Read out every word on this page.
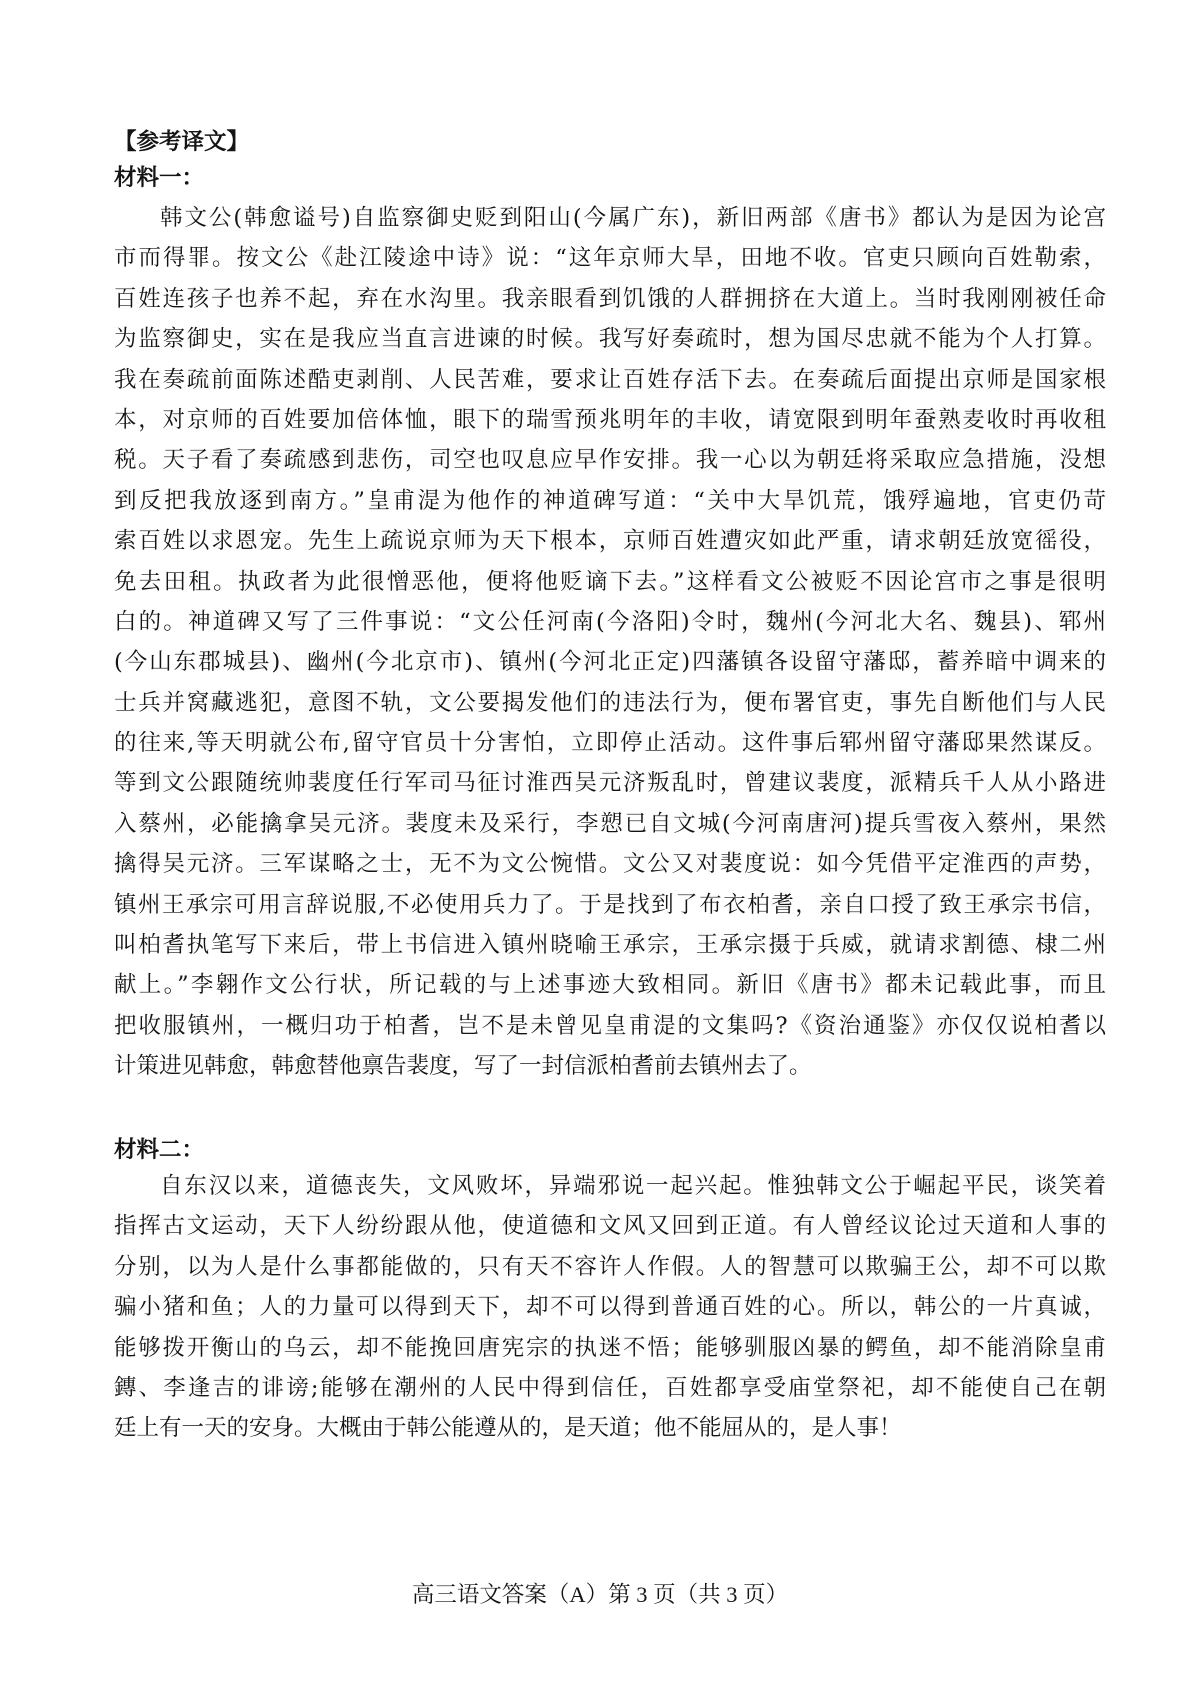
【参考译文】
材料一：
韩文公(韩愈谥号)自监察御史贬到阳山(今属广东)，新旧两部《唐书》都认为是因为论宫
市而得罪。按文公《赴江陵途中诗》说：“这年京师大旱，田地不收。官吏只顾向百姓勒索，
百姓连孩子也养不起，弃在水沟里。我亲眼看到饥饿的人群拥挤在大道上。当时我刚刚被任命
为监察御史，实在是我应当直言进谏的时候。我写好奏疏时，想为国尽忠就不能为个人打算。
我在奏疏前面陈述酷吏剥削、人民苦难，要求让百姓存活下去。在奏疏后面提出京师是国家根
本，对京师的百姓要加倍体恤，眼下的瑞雪预兆明年的丰收，请宽限到明年蚕熟麦收时再收租
税。天子看了奏疏感到悲伤，司空也叹息应早作安排。我一心以为朝廷将采取应急措施，没想
到反把我放逐到南方。”皇甫湜为他作的神道碑写道：“关中大旱饥荒，饿殍遍地，官吏仍苛
索百姓以求恩宠。先生上疏说京师为天下根本，京师百姓遭灾如此严重，请求朝廷放宽徭役，
免去田租。执政者为此很憎恶他，便将他贬谪下去。”这样看文公被贬不因论宫市之事是很明
白的。神道碑又写了三件事说：“文公任河南(今洛阳)令时，魏州(今河北大名、魏县)、郓州
(今山东郡城县)、幽州(今北京市)、镇州(今河北正定)四藩镇各设留守藩邸，蓄养暗中调来的
士兵并窝藏逃犯，意图不轨，文公要揭发他们的违法行为，便布署官吏，事先自断他们与人民
的往来,等天明就公布,留守官员十分害怕，立即停止活动。这件事后郓州留守藩邸果然谋反。
等到文公跟随统帅裴度任行军司马征讨淮西吴元济叛乱时，曾建议裴度，派精兵千人从小路进
入蔡州，必能擒拿吴元济。裴度未及采行，李愬已自文城(今河南唐河)提兵雪夜入蔡州，果然
擒得吴元济。三军谋略之士，无不为文公惋惜。文公又对裴度说：如今凭借平定淮西的声势，
镇州王承宗可用言辞说服,不必使用兵力了。于是找到了布衣柏耆，亲自口授了致王承宗书信，
叫柏耆执笔写下来后，带上书信进入镇州晓喻王承宗，王承宗摄于兵威，就请求割德、棣二州
献上。”李翱作文公行状，所记载的与上述事迹大致相同。新旧《唐书》都未记载此事，而且
把收服镇州，一概归功于柏耆，岂不是未曾见皇甫湜的文集吗?《资治通鉴》亦仅仅说柏耆以
计策进见韩愈，韩愈替他禀告裴度，写了一封信派柏耆前去镇州去了。
材料二：
自东汉以来，道德丧失，文风败坏，异端邪说一起兴起。惟独韩文公于崛起平民，谈笑着
指挥古文运动，天下人纷纷跟从他，使道德和文风又回到正道。有人曾经议论过天道和人事的
分别，以为人是什么事都能做的，只有天不容许人作假。人的智慧可以欺骗王公，却不可以欺
骗小猪和鱼；人的力量可以得到天下，却不可以得到普通百姓的心。所以，韩公的一片真诚，
能够拨开衡山的乌云，却不能挽回唐宪宗的执迷不悟；能够驯服凶暴的鳄鱼，却不能消除皇甫
鏄、李逢吉的诽谤;能够在潮州的人民中得到信任，百姓都享受庙堂祭祀，却不能使自己在朝
廷上有一天的安身。大概由于韩公能遵从的，是天道；他不能屈从的，是人事！
高三语文答案（A）第 3 页（共 3 页）
